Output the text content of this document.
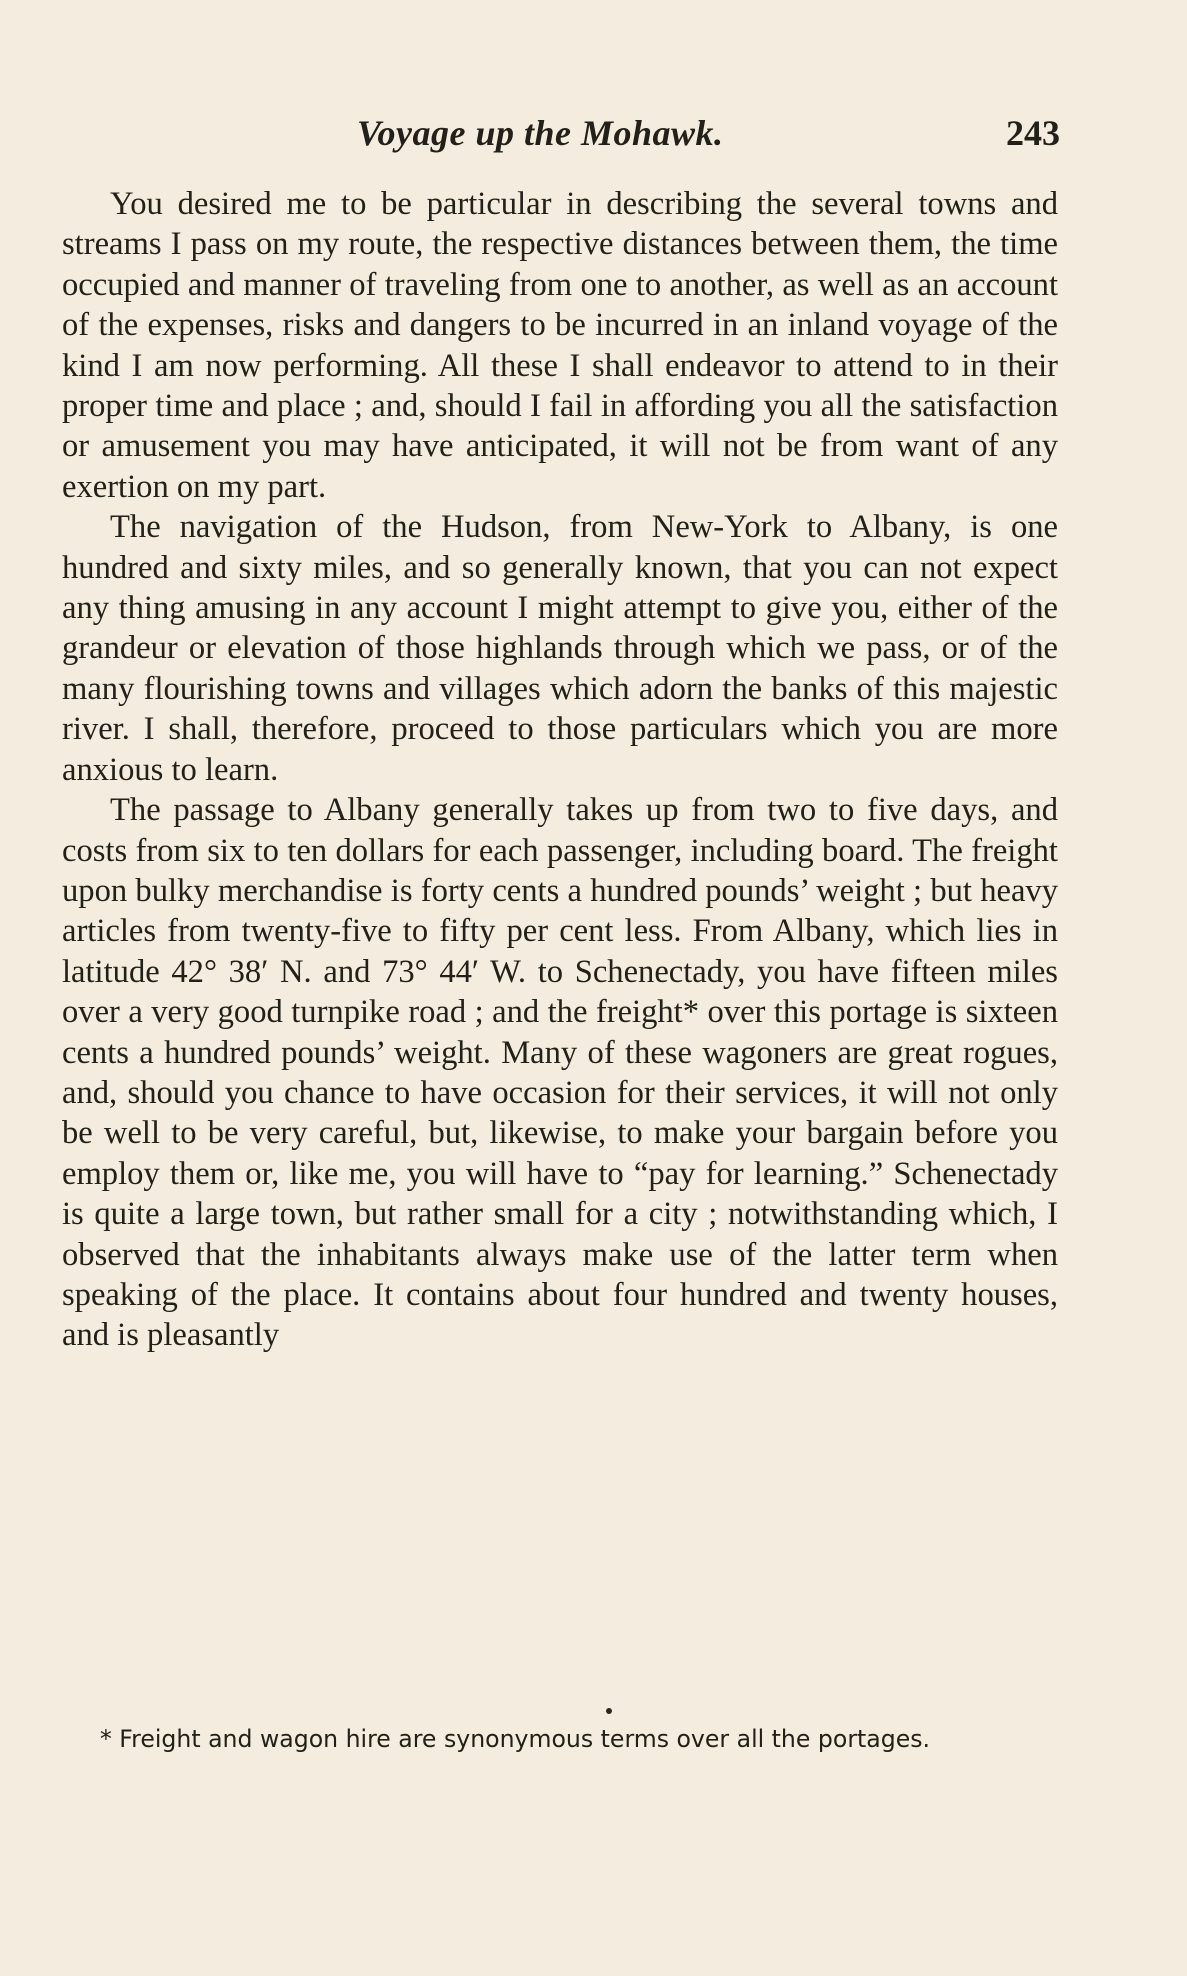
Voyage up the Mohawk.	243

You desired me to be particular in describing the several towns and streams I pass on my route, the respective distances between them, the time occupied and manner of traveling from one to another, as well as an account of the expenses, risks and dangers to be incurred in an inland voyage of the kind I am now performing. All these I shall endeavor to attend to in their proper time and place ; and, should I fail in affording you all the satisfaction or amusement you may have anticipated, it will not be from want of any exertion on my part.

The navigation of the Hudson, from New-York to Albany, is one hundred and sixty miles, and so generally known, that you can not expect any thing amusing in any account I might attempt to give you, either of the grandeur or elevation of those highlands through which we pass, or of the many flourishing towns and villages which adorn the banks of this majestic river. I shall, therefore, proceed to those particulars which you are more anxious to learn.

The passage to Albany generally takes up from two to five days, and costs from six to ten dollars for each passenger, including board. The freight upon bulky merchandise is forty cents a hundred pounds’ weight ; but heavy articles from twenty-five to fifty per cent less. From Albany, which lies in latitude 42° 38′ N. and 73° 44′ W. to Schenectady, you have fifteen miles over a very good turnpike road ; and the freight* over this portage is sixteen cents a hundred pounds’ weight. Many of these wagoners are great rogues, and, should you chance to have occasion for their services, it will not only be well to be very careful, but, likewise, to make your bargain before you employ them or, like me, you will have to “pay for learning.” Schenectady is quite a large town, but rather small for a city ; notwithstanding which, I observed that the inhabitants always make use of the latter term when speaking of the place. It contains about four hundred and twenty houses, and is pleasantly

* Freight and wagon hire are synonymous terms over all the portages.
